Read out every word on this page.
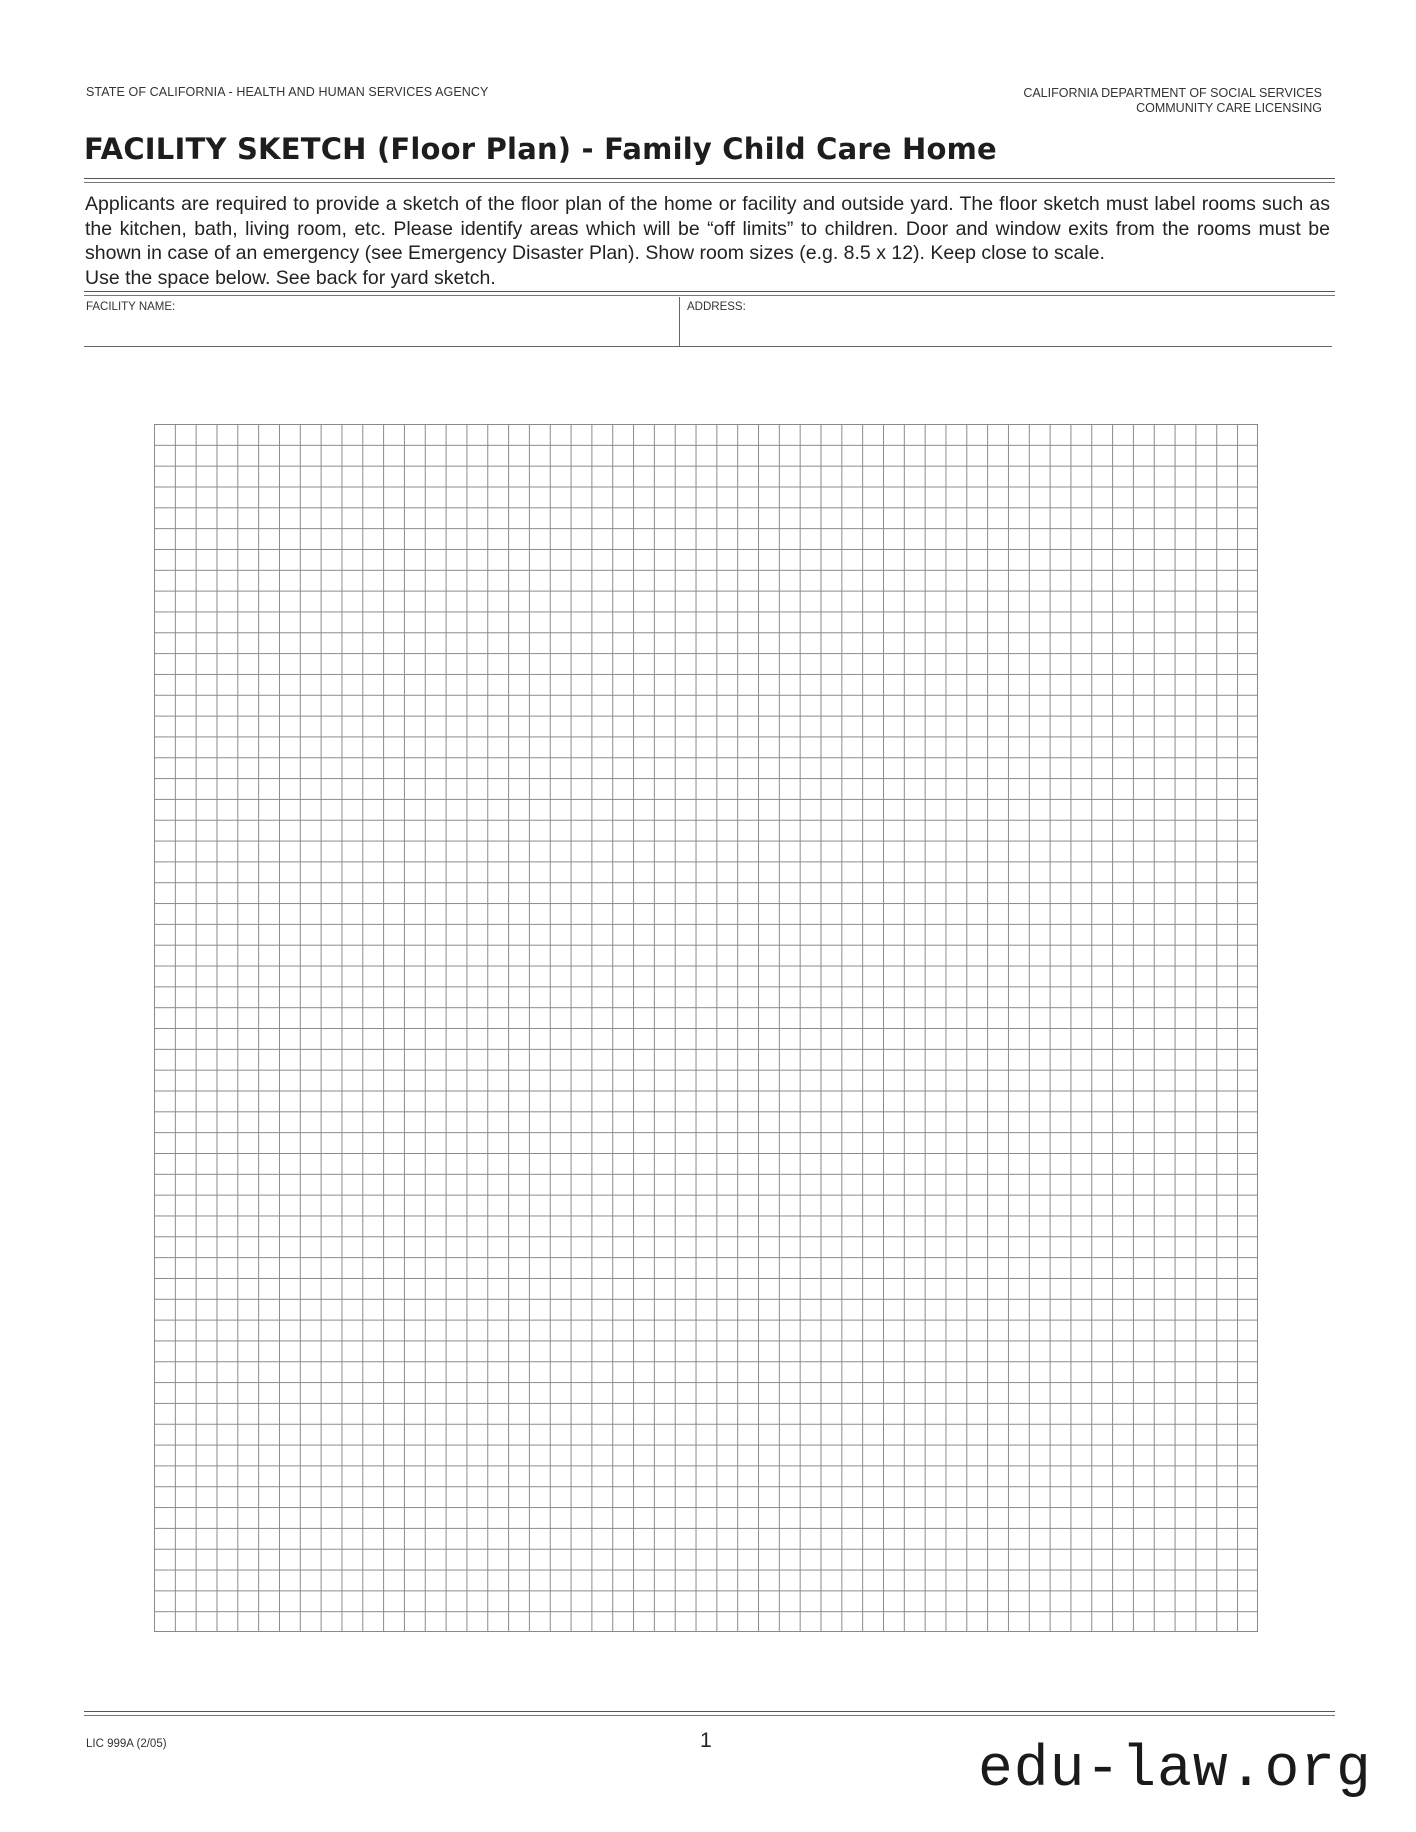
STATE OF CALIFORNIA - HEALTH AND HUMAN SERVICES AGENCY	CALIFORNIA DEPARTMENT OF SOCIAL SERVICES
COMMUNITY CARE LICENSING
FACILITY SKETCH (Floor Plan) - Family Child Care Home
Applicants are required to provide a sketch of the floor plan of the home or facility and outside yard. The floor sketch must label rooms such as the kitchen, bath, living room, etc. Please identify areas which will be “off limits” to children. Door and window exits from the rooms must be shown in case of an emergency (see Emergency Disaster Plan). Show room sizes (e.g. 8.5 x 12). Keep close to scale.
Use the space below. See back for yard sketch.
FACILITY NAME:	ADDRESS:
LIC 999A (2/05)	1	edu-law.org
